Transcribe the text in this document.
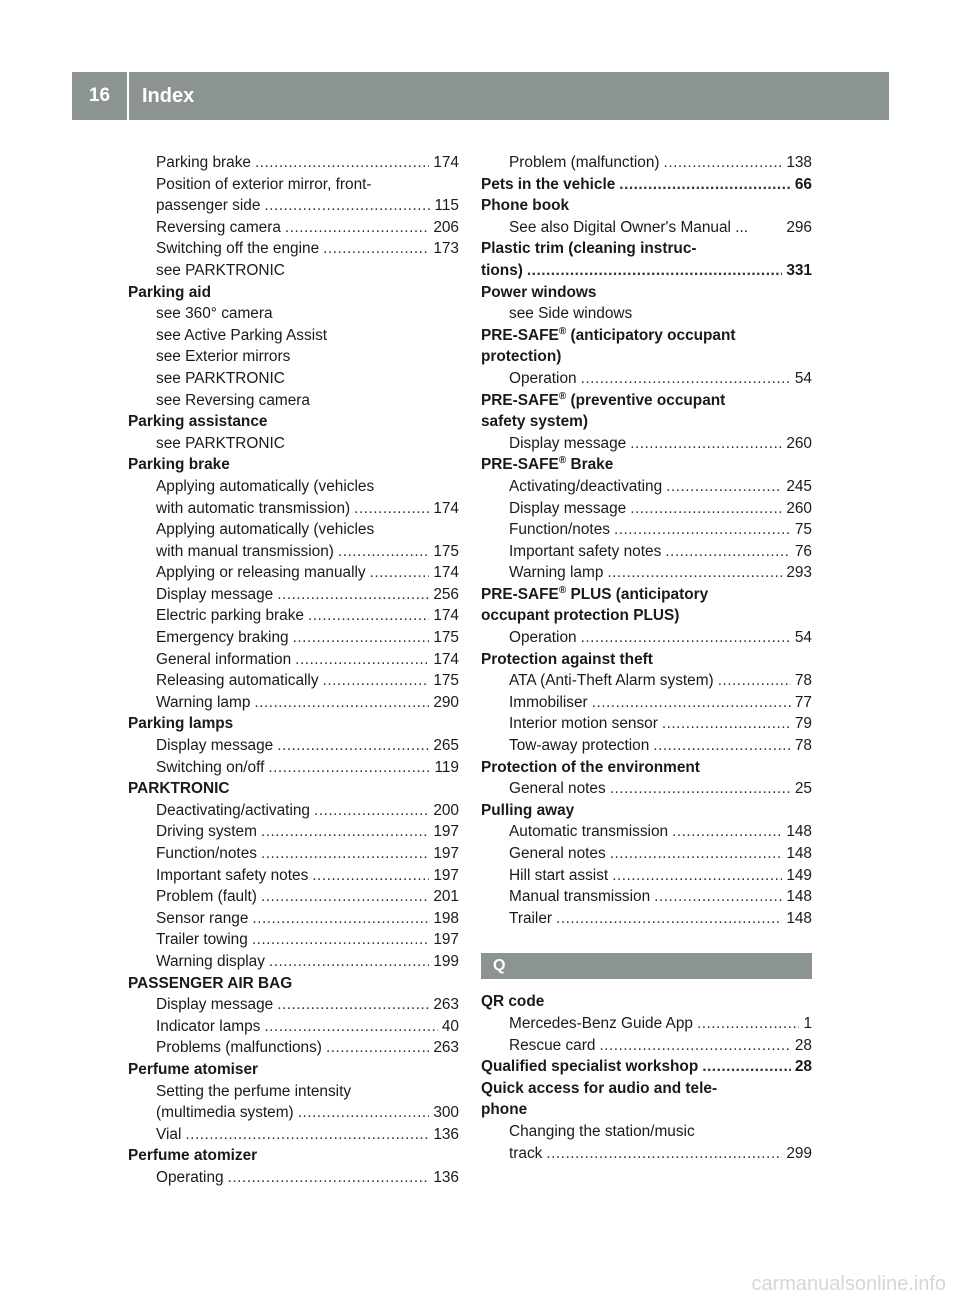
16	Index
Parking brake .....	174
Position of exterior mirror, front-
passenger side .....	115
Reversing camera .....	206
Switching off the engine .....	173
see PARKTRONIC
Parking aid
see 360° camera
see Active Parking Assist
see Exterior mirrors
see PARKTRONIC
see Reversing camera
Parking assistance
see PARKTRONIC
Parking brake
Applying automatically (vehicles
with automatic transmission) .....	174
Applying automatically (vehicles
with manual transmission) .....	175
Applying or releasing manually .....	174
Display message .....	256
Electric parking brake .....	174
Emergency braking .....	175
General information .....	174
Releasing automatically .....	175
Warning lamp .....	290
Parking lamps
Display message .....	265
Switching on/off .....	119
PARKTRONIC
Deactivating/activating .....	200
Driving system .....	197
Function/notes .....	197
Important safety notes .....	197
Problem (fault) .....	201
Sensor range .....	198
Trailer towing .....	197
Warning display .....	199
PASSENGER AIR BAG
Display message .....	263
Indicator lamps .....	40
Problems (malfunctions) .....	263
Perfume atomiser
Setting the perfume intensity
(multimedia system) .....	300
Vial .....	136
Perfume atomizer
Operating .....	136
Problem (malfunction) .....	138
Pets in the vehicle .....	66
Phone book
See also Digital Owner's Manual ... 296
Plastic trim (cleaning instruc-
tions) .....	331
Power windows
see Side windows
PRE-SAFE® (anticipatory occupant
protection)
Operation .....	54
PRE-SAFE® (preventive occupant
safety system)
Display message .....	260
PRE-SAFE® Brake
Activating/deactivating .....	245
Display message .....	260
Function/notes .....	75
Important safety notes .....	76
Warning lamp .....	293
PRE-SAFE® PLUS (anticipatory
occupant protection PLUS)
Operation .....	54
Protection against theft
ATA (Anti-Theft Alarm system) .....	78
Immobiliser .....	77
Interior motion sensor .....	79
Tow-away protection .....	78
Protection of the environment
General notes .....	25
Pulling away
Automatic transmission .....	148
General notes .....	148
Hill start assist .....	149
Manual transmission .....	148
Trailer .....	148
Q
QR code
Mercedes-Benz Guide App .....	1
Rescue card .....	28
Qualified specialist workshop .....	28
Quick access for audio and tele-
phone
Changing the station/music
track .....	299
carmanualsonline.info
